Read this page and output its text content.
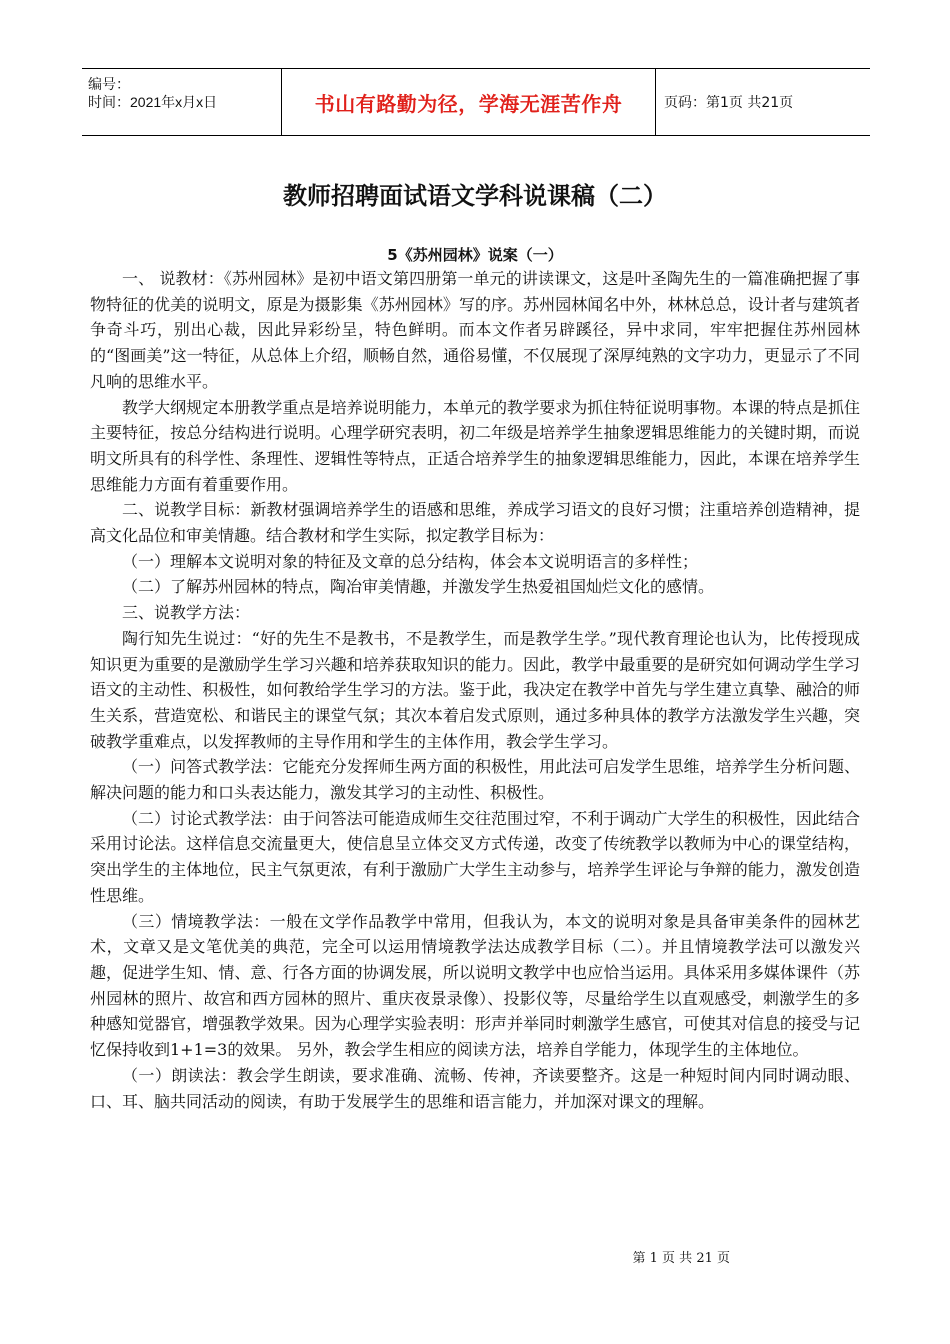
编号：
时间：2021年x月x日	书山有路勤为径，学海无涯苦作舟	页码：第1页 共21页
教师招聘面试语文学科说课稿（二）
5《苏州园林》说案（一）

一、 说教材：《苏州园林》是初中语文第四册第一单元的讲读课文，这是叶圣陶先生的一篇准确把握了事物特征的优美的说明文，原是为摄影集《苏州园林》写的序。苏州园林闻名中外，林林总总，设计者与建筑者争奇斗巧，别出心裁，因此异彩纷呈，特色鲜明。而本文作者另辟蹊径，异中求同，牢牢把握住苏州园林的“图画美”这一特征，从总体上介绍，顺畅自然，通俗易懂，不仅展现了深厚纯熟的文字功力，更显示了不同凡响的思维水平。

教学大纲规定本册教学重点是培养说明能力，本单元的教学要求为抓住特征说明事物。本课的特点是抓住主要特征，按总分结构进行说明。心理学研究表明，初二年级是培养学生抽象逻辑思维能力的关键时期，而说明文所具有的科学性、条理性、逻辑性等特点，正适合培养学生的抽象逻辑思维能力，因此，本课在培养学生思维能力方面有着重要作用。

二、说教学目标：新教材强调培养学生的语感和思维，养成学习语文的良好习惯；注重培养创造精神，提高文化品位和审美情趣。结合教材和学生实际，拟定教学目标为：

（一）理解本文说明对象的特征及文章的总分结构，体会本文说明语言的多样性；

（二）了解苏州园林的特点，陶冶审美情趣，并激发学生热爱祖国灿烂文化的感情。

三、说教学方法：

陶行知先生说过：“好的先生不是教书，不是教学生，而是教学生学。”现代教育理论也认为，比传授现成知识更为重要的是激励学生学习兴趣和培养获取知识的能力。因此，教学中最重要的是研究如何调动学生学习语文的主动性、积极性，如何教给学生学习的方法。鉴于此，我决定在教学中首先与学生建立真挚、融洽的师生关系，营造宽松、和谐民主的课堂气氛；其次本着启发式原则，通过多种具体的教学方法激发学生兴趣，突破教学重难点，以发挥教师的主导作用和学生的主体作用，教会学生学习。

（一）问答式教学法：它能充分发挥师生两方面的积极性，用此法可启发学生思维，培养学生分析问题、解决问题的能力和口头表达能力，激发其学习的主动性、积极性。

（二）讨论式教学法：由于问答法可能造成师生交往范围过窄，不利于调动广大学生的积极性，因此结合采用讨论法。这样信息交流量更大，使信息呈立体交叉方式传递，改变了传统教学以教师为中心的课堂结构，突出学生的主体地位，民主气氛更浓，有利于激励广大学生主动参与，培养学生评论与争辩的能力，激发创造性思维。

（三）情境教学法：一般在文学作品教学中常用，但我认为，本文的说明对象是具备审美条件的园林艺术，文章又是文笔优美的典范，完全可以运用情境教学法达成教学目标（二）。并且情境教学法可以激发兴趣，促进学生知、情、意、行各方面的协调发展，所以说明文教学中也应恰当运用。具体采用多媒体课件（苏州园林的照片、故宫和西方园林的照片、重庆夜景录像）、投影仪等，尽量给学生以直观感受，刺激学生的多种感知觉器官，增强教学效果。因为心理学实验表明：形声并举同时刺激学生感官，可使其对信息的接受与记忆保持收到1+1=3的效果。 另外，教会学生相应的阅读方法，培养自学能力，体现学生的主体地位。

（一）朗读法：教会学生朗读，要求准确、流畅、传神，齐读要整齐。这是一种短时间内同时调动眼、口、耳、脑共同活动的阅读，有助于发展学生的思维和语言能力，并加深对课文的理解。

第 1 页 共 21 页
